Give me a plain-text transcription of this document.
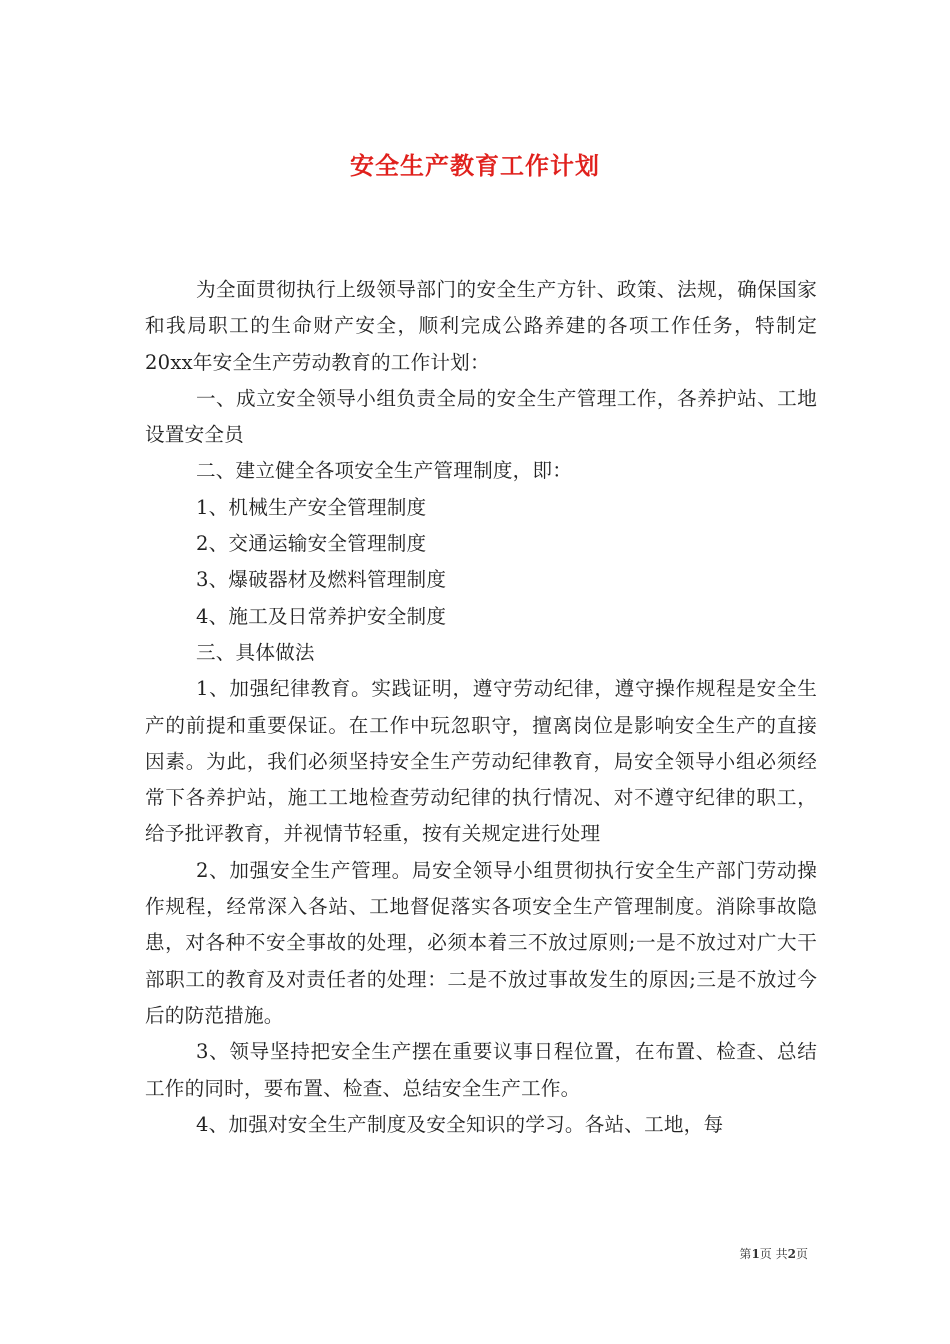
安全生产教育工作计划

为全面贯彻执行上级领导部门的安全生产方针、政策、法规，确保国家和我局职工的生命财产安全，顺利完成公路养建的各项工作任务，特制定20xx年安全生产劳动教育的工作计划：

一、成立安全领导小组负责全局的安全生产管理工作，各养护站、工地设置安全员

二、建立健全各项安全生产管理制度，即：

1、机械生产安全管理制度

2、交通运输安全管理制度

3、爆破器材及燃料管理制度

4、施工及日常养护安全制度

三、具体做法

1、加强纪律教育。实践证明，遵守劳动纪律，遵守操作规程是安全生产的前提和重要保证。在工作中玩忽职守，擅离岗位是影响安全生产的直接因素。为此，我们必须坚持安全生产劳动纪律教育，局安全领导小组必须经常下各养护站，施工工地检查劳动纪律的执行情况、对不遵守纪律的职工，给予批评教育，并视情节轻重，按有关规定进行处理

2、加强安全生产管理。局安全领导小组贯彻执行安全生产部门劳动操作规程，经常深入各站、工地督促落实各项安全生产管理制度。消除事故隐患，对各种不安全事故的处理，必须本着三不放过原则;一是不放过对广大干部职工的教育及对责任者的处理：二是不放过事故发生的原因;三是不放过今后的防范措施。

3、领导坚持把安全生产摆在重要议事日程位置，在布置、检查、总结工作的同时，要布置、检查、总结安全生产工作。

4、加强对安全生产制度及安全知识的学习。各站、工地，每

第1页 共2页
